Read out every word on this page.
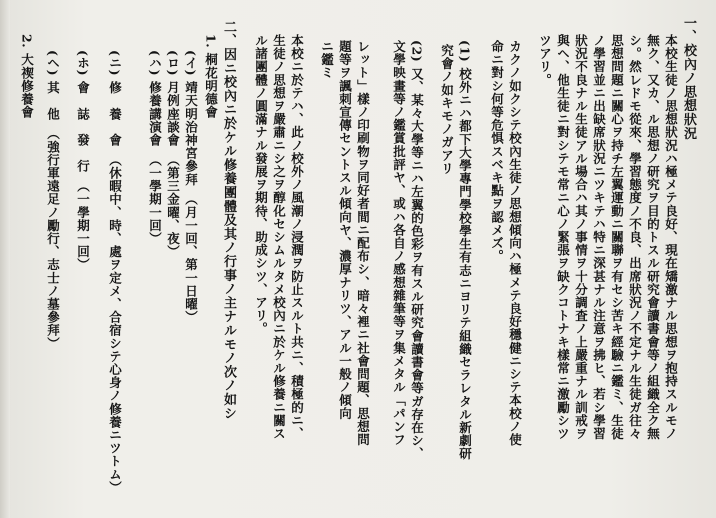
一、校內ノ思想狀況
本校生徒ノ思想狀況ハ極メテ良好、現在矯激ナル思想ヲ抱持スルモノ
無ク、又カ、ル思想ノ研究ヲ目的トスル研究會讀書會等ノ組織全ク無
シ。然レドモ從來、學習態度ノ不良、出席狀況ノ不定ナル生徒ガ往々
思想問題ニ關心ヲ持チ左翼運動ニ關聯ヲ有セシ苦キ經驗ニ鑑ミ、生徒
ノ學習並ニ出缺席狀況ニツキテハ特ニ深甚ナル注意ヲ拂ヒ、若シ學習
狀況不良ナル生徒アル場合ハ其ノ事情ヲ十分調査ノ上嚴重ナル訓戒ヲ
與ヘ、他生徒ニ對シテモ常ニ心ノ緊張ヲ缺クコトナキ樣常ニ激勵シツ
ツアリ。
カクノ如クシテ校內生徒ノ思想傾向ハ極メテ良好穩健ニシテ本校ノ使
命ニ對シ何等危惧スベキ點ヲ認メズ。
(1) 校外ニハ都下大學專門學校學生有志ニヨリテ組織セラレタル新劇研
究會ノ如キモノガアリ
(2) 又、某々大學等ニハ左翼的色彩ヲ有スル研究會讀書會等ガ存在シ、
文學映畫等ノ鑑賞批評ヤ、或ハ各自ノ感想雜筆等ヲ集メタル「パンフ
レット」樣ノ印刷物ヲ同好者間ニ配布シ、暗々裡ニ社會問題、思想問
題等ヲ諷刺宣傳セントスル傾向ヤ、濃厚ナリツ、アル一般ノ傾向
ニ鑑ミ
本校ニ於テハ、此ノ校外ノ風潮ノ浸潤ヲ防止スルト共ニ、積極的ニ、
生徒ノ思想ヲ嚴肅ニシ之ヲ醇化セシムルタメ校內ニ於ケル修養ニ關ス
ル諸團體ノ圓滿ナル發展ヲ期待、助成シツ、アリ。
二、因ニ校內ニ於ケル修養團體及其ノ行事ノ主ナルモノ次ノ如シ
1. 桐花明德會
(イ) 靖天明治神宮參拜　（月一回、第一日曜）
(ロ) 月例座談會　（第三金曜、夜）
(ハ) 修養講演會　（一學期一回）
(ニ) 修　養　會　（休暇中、時、處ヲ定メ、合宿シテ心身ノ修養ニツトム）
(ホ) 會　誌　發　行　（一學期一回）
(ヘ) 其　他　（強行軍遠足ノ勵行、志士ノ墓參拜）
2. 大禊修養會
